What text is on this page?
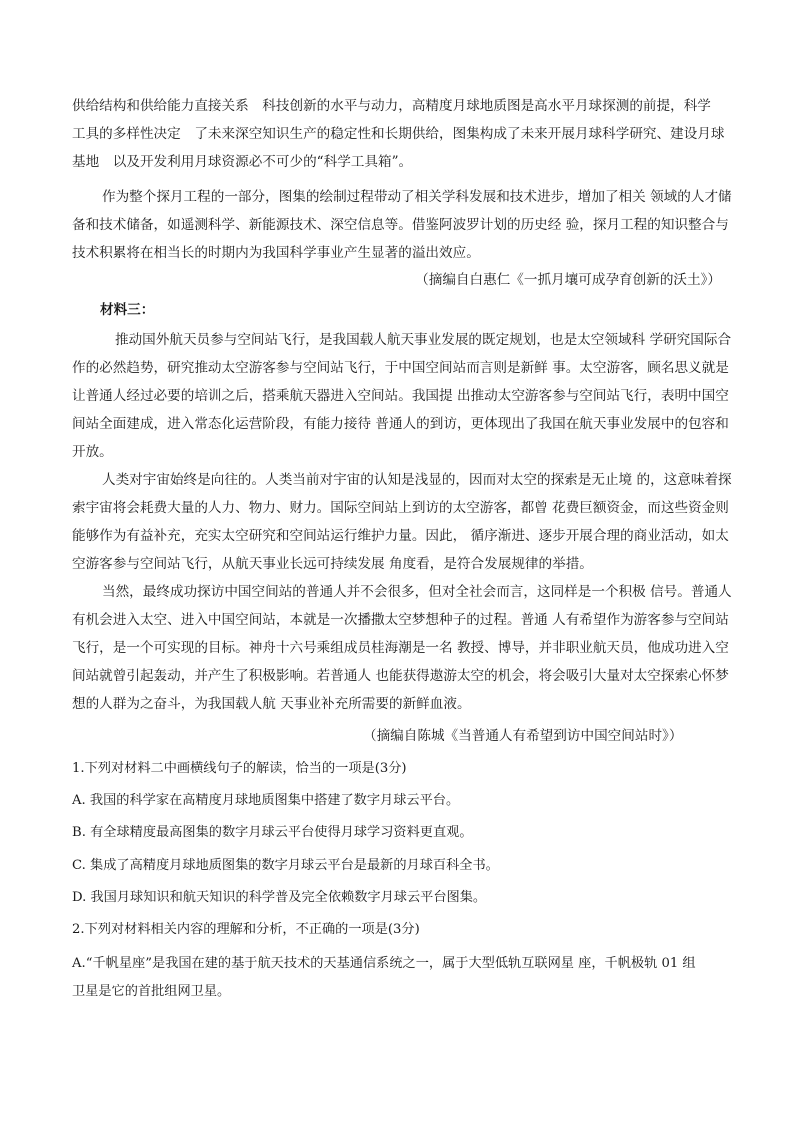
供给结构和供给能力直接关系　科技创新的水平与动力，高精度月球地质图是高水平月球探测的前提，科学
工具的多样性决定　了未来深空知识生产的稳定性和长期供给，图集构成了未来开展月球科学研究、建设月球
基地　以及开发利用月球资源必不可少的“科学工具箱”。
作为整个探月工程的一部分，图集的绘制过程带动了相关学科发展和技术进步，增加了相关 领域的人才储
备和技术储备，如遥测科学、新能源技术、深空信息等。借鉴阿波罗计划的历史经 验，探月工程的知识整合与
技术积累将在相当长的时期内为我国科学事业产生显著的溢出效应。
（摘编自白惠仁《一抓月壤可成孕育创新的沃土》）
材料三：
推动国外航天员参与空间站飞行，是我国载人航天事业发展的既定规划，也是太空领域科 学研究国际合
作的必然趋势，研究推动太空游客参与空间站飞行，于中国空间站而言则是新鲜 事。太空游客，顾名思义就是
让普通人经过必要的培训之后，搭乘航天器进入空间站。我国提 出推动太空游客参与空间站飞行，表明中国空
间站全面建成，进入常态化运营阶段，有能力接待 普通人的到访，更体现出了我国在航天事业发展中的包容和
开放。
人类对宇宙始终是向往的。人类当前对宇宙的认知是浅显的，因而对太空的探索是无止境 的，这意味着探
索宇宙将会耗费大量的人力、物力、财力。国际空间站上到访的太空游客，都曾 花费巨额资金，而这些资金则
能够作为有益补充，充实太空研究和空间站运行维护力量。因此， 循序渐进、逐步开展合理的商业活动，如太
空游客参与空间站飞行，从航天事业长远可持续发展 角度看，是符合发展规律的举措。
当然，最终成功探访中国空间站的普通人并不会很多，但对全社会而言，这同样是一个积极 信号。普通人
有机会进入太空、进入中国空间站，本就是一次播撒太空梦想种子的过程。普通 人有希望作为游客参与空间站
飞行，是一个可实现的目标。神舟十六号乘组成员桂海潮是一名 教授、博导，并非职业航天员，他成功进入空
间站就曾引起轰动，并产生了积极影响。若普通人 也能获得遨游太空的机会，将会吸引大量对太空探索心怀梦
想的人群为之奋斗，为我国载人航 天事业补充所需要的新鲜血液。
（摘编自陈城《当普通人有希望到访中国空间站时》）
1.下列对材料二中画横线句子的解读，恰当的一项是(3分)
A. 我国的科学家在高精度月球地质图集中搭建了数字月球云平台。
B. 有全球精度最高图集的数字月球云平台使得月球学习资料更直观。
C. 集成了高精度月球地质图集的数字月球云平台是最新的月球百科全书。
D. 我国月球知识和航天知识的科学普及完全依赖数字月球云平台图集。
2.下列对材料相关内容的理解和分析，不正确的一项是(3分)
A.“千帆星座”是我国在建的基于航天技术的天基通信系统之一，属于大型低轨互联网星 座，千帆极轨 01 组
卫星是它的首批组网卫星。
